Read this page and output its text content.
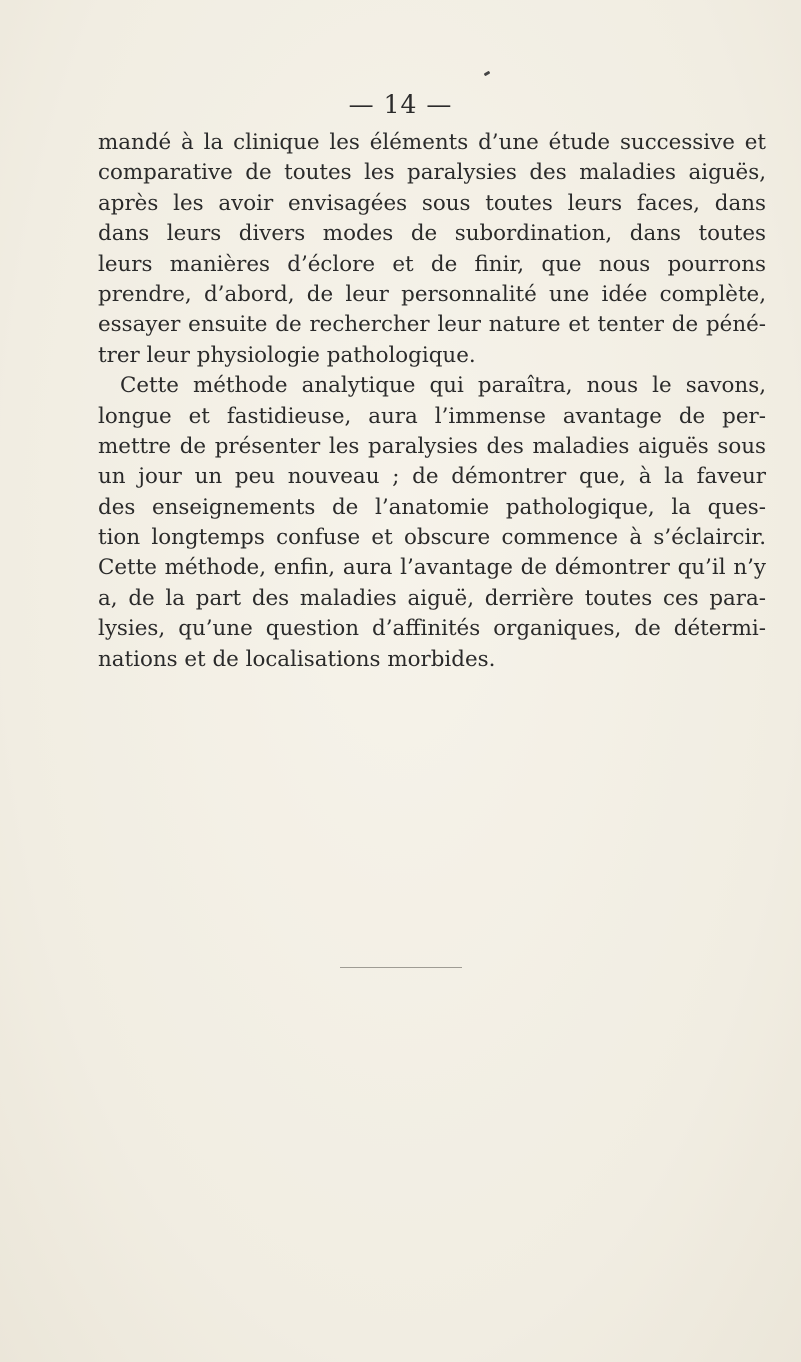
— 14 —
mandé à la clinique les éléments d’une étude successive et
comparative de toutes les paralysies des maladies aiguës,
après les avoir envisagées sous toutes leurs faces, dans
dans leurs divers modes de subordination, dans toutes
leurs manières d’éclore et de finir, que nous pourrons
prendre, d’abord, de leur personnalité une idée complète,
essayer ensuite de rechercher leur nature et tenter de péné-
trer leur physiologie pathologique.
Cette méthode analytique qui paraîtra, nous le savons,
longue et fastidieuse, aura l’immense avantage de per-
mettre de présenter les paralysies des maladies aiguës sous
un jour un peu nouveau ; de démontrer que, à la faveur
des enseignements de l’anatomie pathologique, la ques-
tion longtemps confuse et obscure commence à s’éclaircir.
Cette méthode, enfin, aura l’avantage de démontrer qu’il n’y
a, de la part des maladies aiguë, derrière toutes ces para-
lysies, qu’une question d’affinités organiques, de détermi-
nations et de localisations morbides.
